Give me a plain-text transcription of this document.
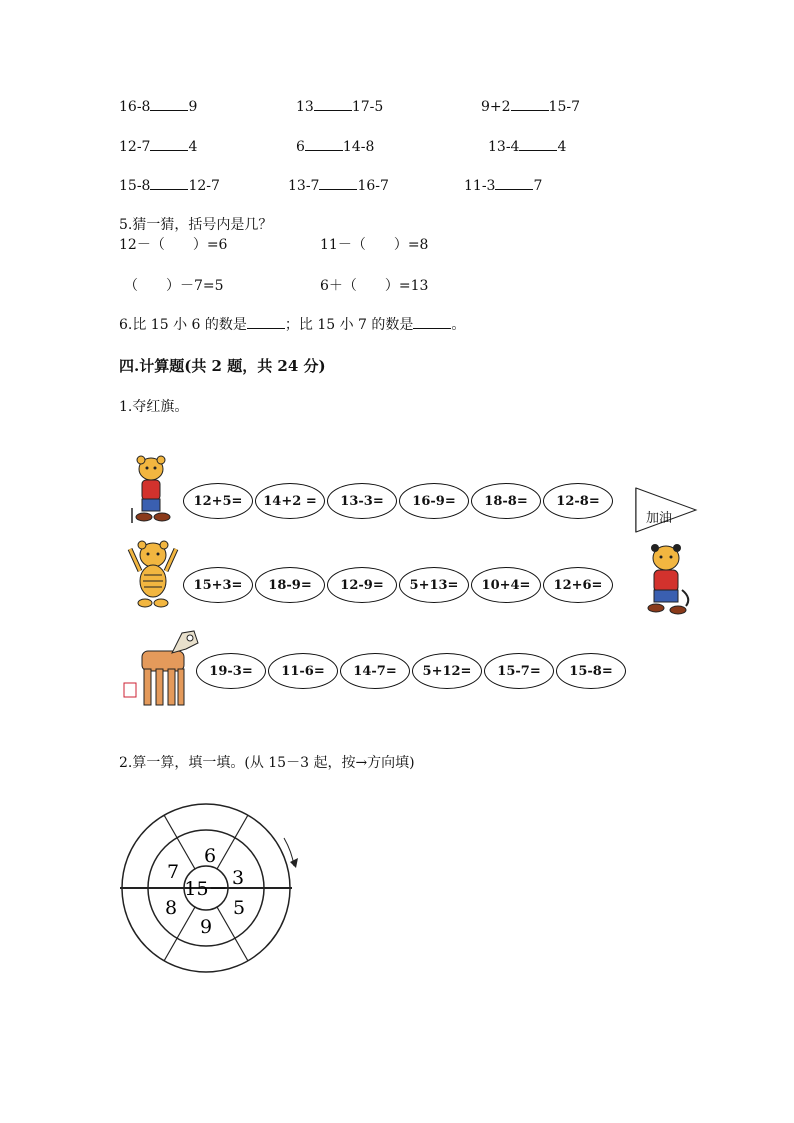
16-8	9	13	17-5	9+2	15-7
12-7	4	6	14-8	13-4	4
15-8	12-7	13-7	16-7	11-3	7
5.猜一猜，括号内是几？
12－（　　）=6	11－（　　）=8
（　　）－7=5	6＋（　　）=13
6.比 15 小 6 的数是	；比 15 小 7 的数是	。
四.计算题(共 2 题，共 24 分)
1.夺红旗。
加油
12+5=	14+2 =	13-3=	16-9=	18-8=	12-8=
15+3=	18-9=	12-9=	5+13=	10+4=	12+6=
19-3=	11-6=	14-7=	5+12=	15-7=	15-8=
2.算一算，填一填。(从 15－3 起，按→方向填)
15－
6
3
5
9
8
7
